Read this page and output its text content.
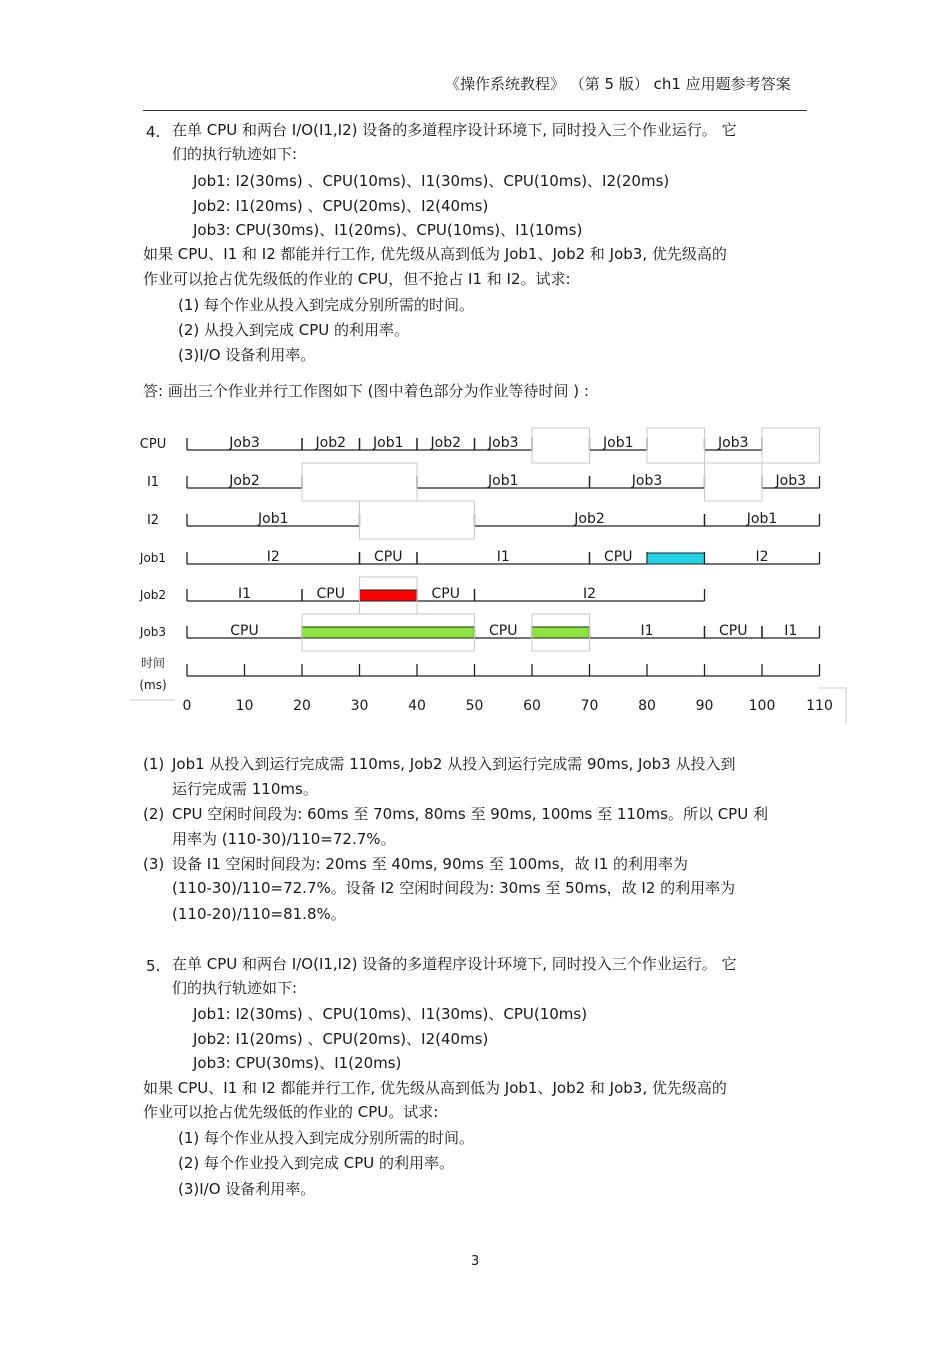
《操作系统教程》 （第 5 版） ch1 应用题参考答案
4. 在单 CPU 和两台 I/O(I1,I2) 设备的多道程序设计环境下, 同时投入三个作业运行。 它
们的执行轨迹如下:
Job1: I2(30ms) 、CPU(10ms)、I1(30ms)、CPU(10ms)、I2(20ms)
Job2: I1(20ms) 、CPU(20ms)、I2(40ms)
Job3: CPU(30ms)、I1(20ms)、CPU(10ms)、I1(10ms)
如果 CPU、I1 和 I2 都能并行工作, 优先级从高到低为 Job1、Job2 和 Job3, 优先级高的
作业可以抢占优先级低的作业的 CPU，但不抢占 I1 和 I2。试求:
(1) 每个作业从投入到完成分别所需的时间。
(2) 从投入到完成 CPU 的利用率。
(3)I/O 设备利用率。
答: 画出三个作业并行工作图如下 (图中着色部分为作业等待时间 ) :
CPU	Job3	Job2 Job1 Job2 Job3	Job1	Job3
I1	Job2	Job1	Job3	Job3
I2	Job1	Job2	Job1
Job1	I2	CPU	I1	CPU	I2
Job2	I1	CPU	CPU	I2
Job3	CPU	CPU	I1	CPU	I1
时间
(ms)
0	10	20	30	40	50	60	70	80	90	100 110
(1) Job1 从投入到运行完成需 110ms, Job2 从投入到运行完成需 90ms, Job3 从投入到
运行完成需 110ms。
(2) CPU 空闲时间段为: 60ms 至 70ms, 80ms 至 90ms, 100ms 至 110ms。所以 CPU 利
用率为 (110-30)/110=72.7%。
(3) 设备 I1 空闲时间段为: 20ms 至 40ms, 90ms 至 100ms，故 I1 的利用率为
(110-30)/110=72.7%。设备 I2 空闲时间段为: 30ms 至 50ms，故 I2 的利用率为
(110-20)/110=81.8%。
5. 在单 CPU 和两台 I/O(I1,I2) 设备的多道程序设计环境下, 同时投入三个作业运行。 它
们的执行轨迹如下:
Job1: I2(30ms) 、CPU(10ms)、I1(30ms)、CPU(10ms)
Job2: I1(20ms) 、CPU(20ms)、I2(40ms)
Job3: CPU(30ms)、I1(20ms)
如果 CPU、I1 和 I2 都能并行工作, 优先级从高到低为 Job1、Job2 和 Job3, 优先级高的
作业可以抢占优先级低的作业的 CPU。试求:
(1) 每个作业从投入到完成分别所需的时间。
(2) 每个作业投入到完成 CPU 的利用率。
(3)I/O 设备利用率。
3
